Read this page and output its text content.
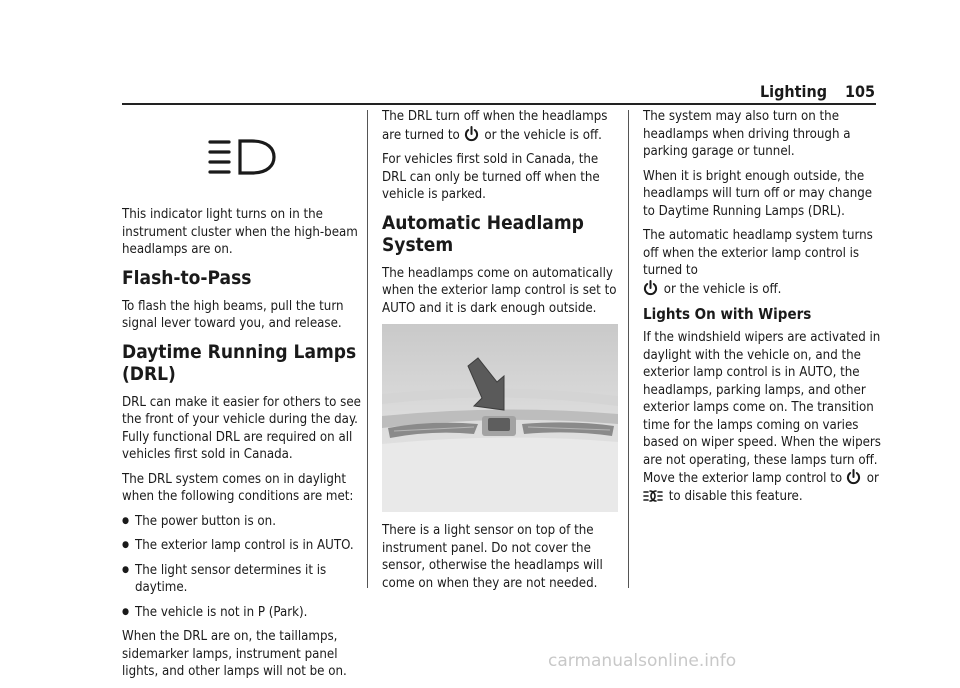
Lighting	105

This indicator light turns on in the instrument cluster when the high-beam headlamps are on.

Flash-to-Pass

To flash the high beams, pull the turn signal lever toward you, and release.

Daytime Running Lamps (DRL)

DRL can make it easier for others to see the front of your vehicle during the day. Fully functional DRL are required on all vehicles first sold in Canada.

The DRL system comes on in daylight when the following conditions are met:

● The power button is on.
● The exterior lamp control is in AUTO.
● The light sensor determines it is daytime.
● The vehicle is not in P (Park).

When the DRL are on, the taillamps, sidemarker lamps, instrument panel lights, and other lamps will not be on.

The DRL turn off when the headlamps are turned to or the vehicle is off.

For vehicles first sold in Canada, the DRL can only be turned off when the vehicle is parked.

Automatic Headlamp System

The headlamps come on automatically when the exterior lamp control is set to AUTO and it is dark enough outside.

There is a light sensor on top of the instrument panel. Do not cover the sensor, otherwise the headlamps will come on when they are not needed.

The system may also turn on the headlamps when driving through a parking garage or tunnel.

When it is bright enough outside, the headlamps will turn off or may change to Daytime Running Lamps (DRL).

The automatic headlamp system turns off when the exterior lamp control is turned to
or the vehicle is off.

Lights On with Wipers

If the windshield wipers are activated in daylight with the vehicle on, and the exterior lamp control is in AUTO, the headlamps, parking lamps, and other exterior lamps come on. The transition time for the lamps coming on varies based on wiper speed. When the wipers are not operating, these lamps turn off. Move the exterior lamp control to or  to disable this feature.

carmanualsonline.info
